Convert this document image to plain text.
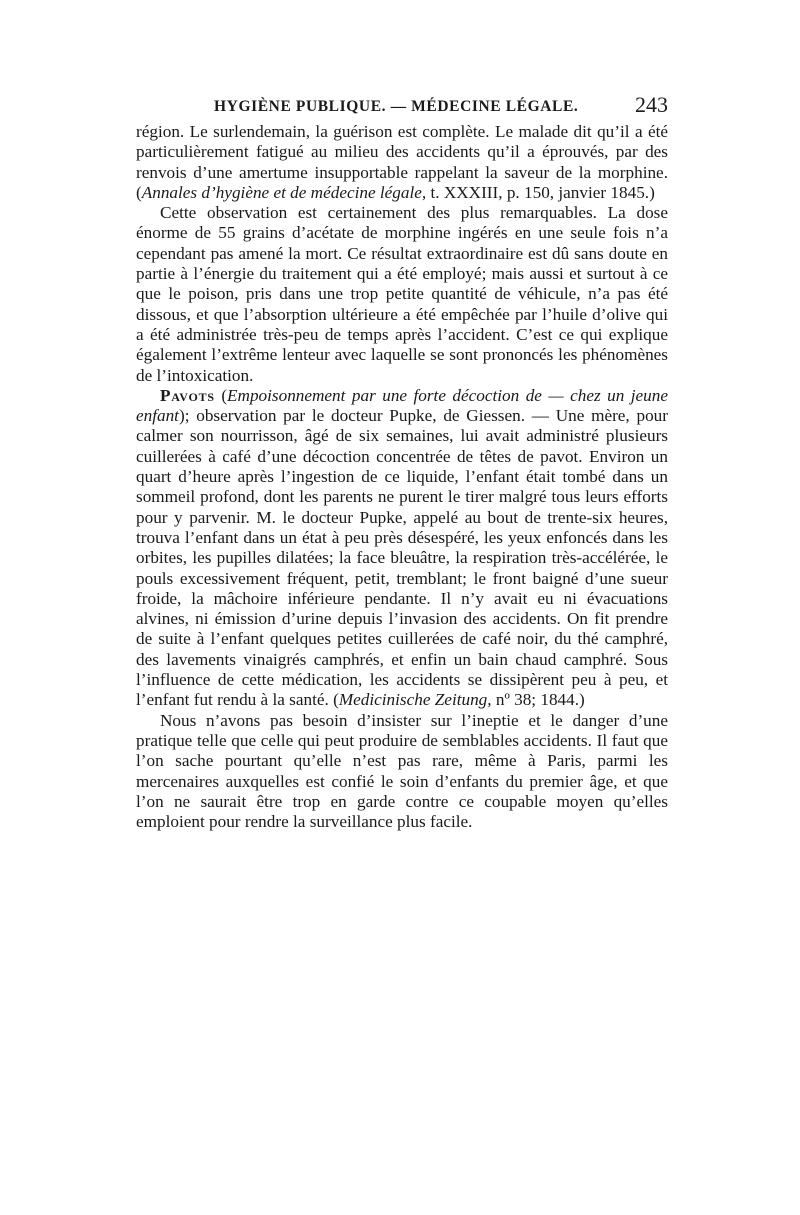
HYGIÈNE PUBLIQUE. — MÉDECINE LÉGALE.	243

région. Le surlendemain, la guérison est complète. Le malade dit qu’il a été particulièrement fatigué au milieu des accidents qu’il a éprouvés, par des renvois d’une amertume insupportable rappelant la saveur de la morphine. (Annales d’hygiène et de médecine légale, t. XXXIII, p. 150, janvier 1845.)

Cette observation est certainement des plus remarquables. La dose énorme de 55 grains d’acétate de morphine ingérés en une seule fois n’a cependant pas amené la mort. Ce résultat extraordinaire est dû sans doute en partie à l’énergie du traitement qui a été employé; mais aussi et surtout à ce que le poison, pris dans une trop petite quantité de véhicule, n’a pas été dissous, et que l’absorption ultérieure a été empêchée par l’huile d’olive qui a été administrée très-peu de temps après l’accident. C’est ce qui explique également l’extrême lenteur avec laquelle se sont prononcés les phénomènes de l’intoxication.

Pavots (Empoisonnement par une forte décoction de — chez un jeune enfant); observation par le docteur Pupke, de Giessen. — Une mère, pour calmer son nourrisson, âgé de six semaines, lui avait administré plusieurs cuillerées à café d’une décoction concentrée de têtes de pavot. Environ un quart d’heure après l’ingestion de ce liquide, l’enfant était tombé dans un sommeil profond, dont les parents ne purent le tirer malgré tous leurs efforts pour y parvenir. M. le docteur Pupke, appelé au bout de trente-six heures, trouva l’enfant dans un état à peu près désespéré, les yeux enfoncés dans les orbites, les pupilles dilatées; la face bleuâtre, la respiration très-accélérée, le pouls excessivement fréquent, petit, tremblant; le front baigné d’une sueur froide, la mâchoire inférieure pendante. Il n’y avait eu ni évacuations alvines, ni émission d’urine depuis l’invasion des accidents. On fit prendre de suite à l’enfant quelques petites cuillerées de café noir, du thé camphré, des lavements vinaigrés camphrés, et enfin un bain chaud camphré. Sous l’influence de cette médication, les accidents se dissipèrent peu à peu, et l’enfant fut rendu à la santé. (Medicinische Zeitung, nº 38; 1844.)

Nous n’avons pas besoin d’insister sur l’ineptie et le danger d’une pratique telle que celle qui peut produire de semblables accidents. Il faut que l’on sache pourtant qu’elle n’est pas rare, même à Paris, parmi les mercenaires auxquelles est confié le soin d’enfants du premier âge, et que l’on ne saurait être trop en garde contre ce coupable moyen qu’elles emploient pour rendre la surveillance plus facile.
